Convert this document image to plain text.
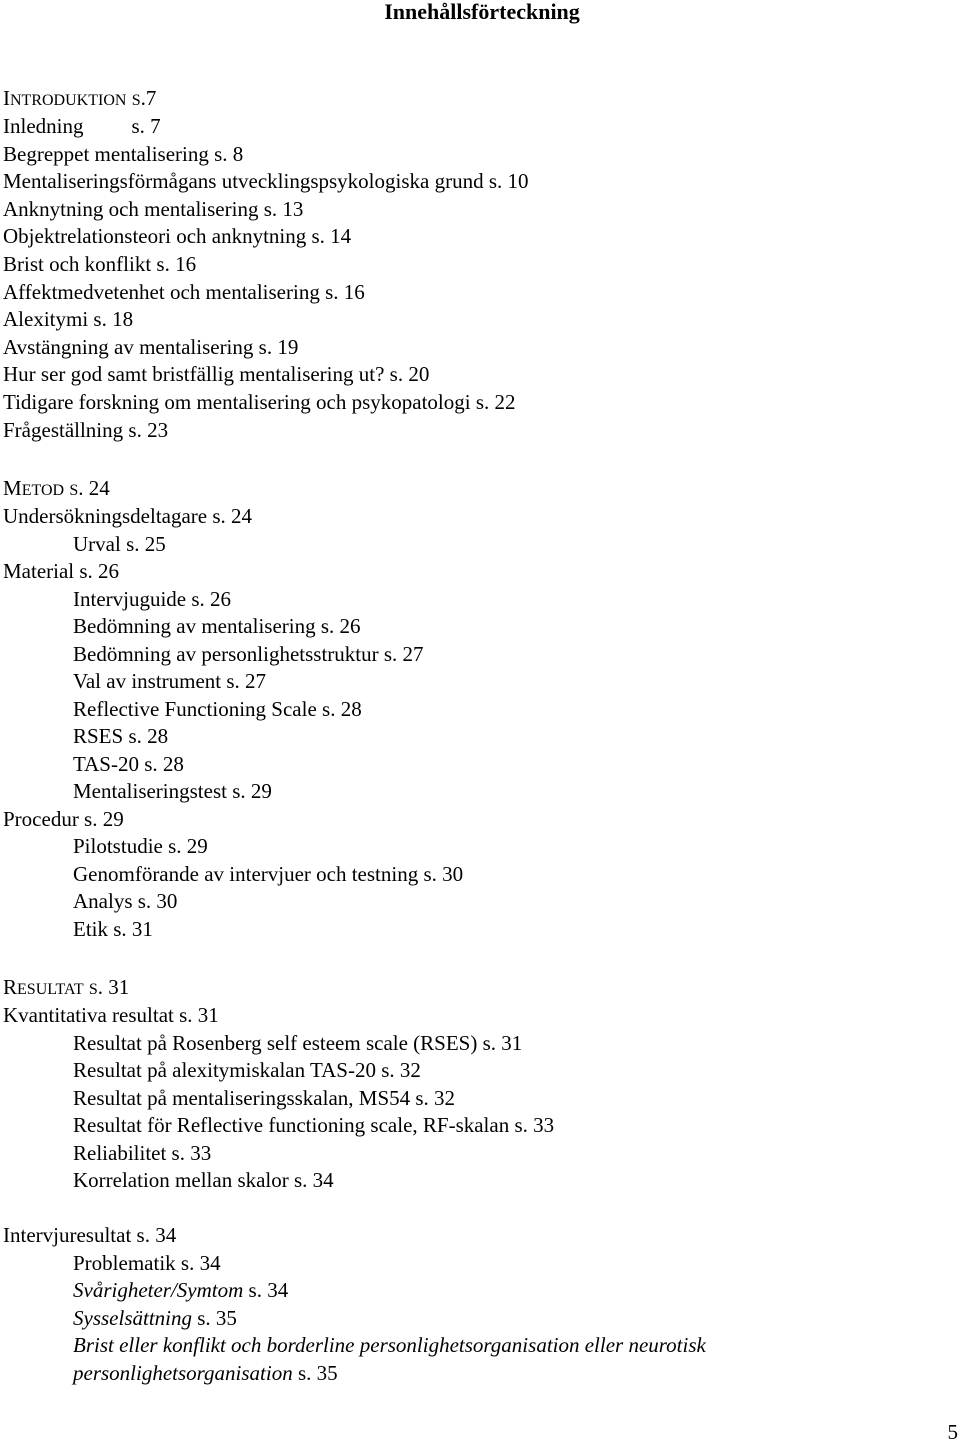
Innehållsförteckning
INTRODUKTION S.7
Inledning s. 7
Begreppet mentalisering s. 8
Mentaliseringsförmågans utvecklingspsykologiska grund s. 10
Anknytning och mentalisering s. 13
Objektrelationsteori och anknytning s. 14
Brist och konflikt s. 16
Affektmedvetenhet och mentalisering s. 16
Alexitymi s. 18
Avstängning av mentalisering s. 19
Hur ser god samt bristfällig mentalisering ut? s. 20
Tidigare forskning om mentalisering och psykopatologi s. 22
Frågeställning s. 23
METOD S. 24
Undersökningsdeltagare s. 24
Urval s. 25
Material s. 26
Intervjuguide s. 26
Bedömning av mentalisering s. 26
Bedömning av personlighetsstruktur s. 27
Val av instrument s. 27
Reflective Functioning Scale s. 28
RSES s. 28
TAS-20 s. 28
Mentaliseringstest s. 29
Procedur s. 29
Pilotstudie s. 29
Genomförande av intervjuer och testning s. 30
Analys s. 30
Etik s. 31
RESULTAT S. 31
Kvantitativa resultat s. 31
Resultat på Rosenberg self esteem scale (RSES) s. 31
Resultat på alexitymiskalan TAS-20 s. 32
Resultat på mentaliseringsskalan, MS54 s. 32
Resultat för Reflective functioning scale, RF-skalan s. 33
Reliabilitet s. 33
Korrelation mellan skalor s. 34
Intervjuresultat s. 34
Problematik s. 34
Svårigheter/Symtom s. 34
Sysselsättning s. 35
Brist eller konflikt och borderline personlighetsorganisation eller neurotisk
personlighetsorganisation s. 35
5
